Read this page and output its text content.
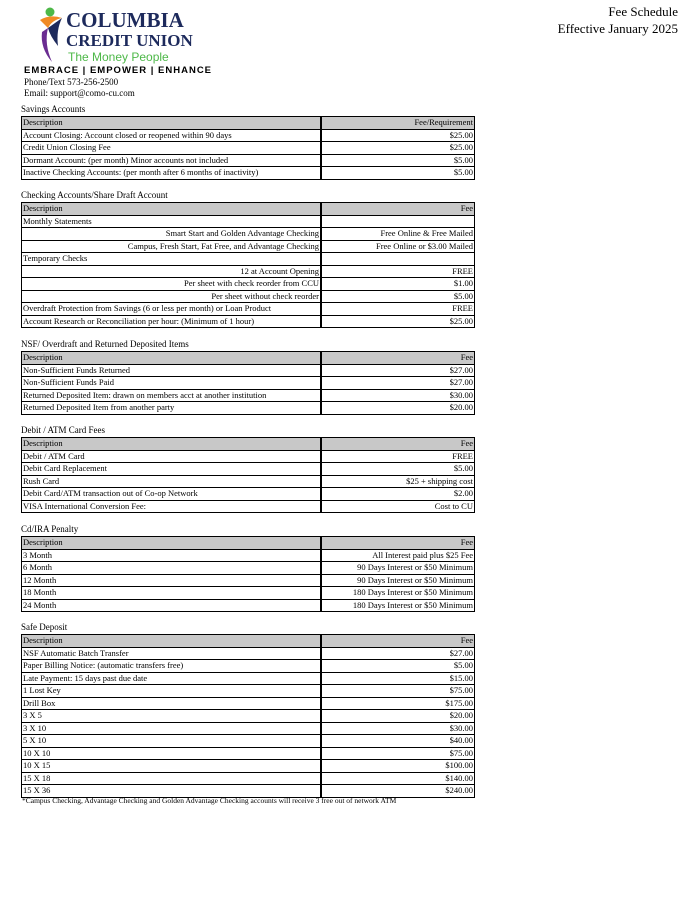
COLUMBIA
CREDIT UNION
The Money People
EMBRACE | EMPOWER | ENHANCE
Phone/Text 573-256-2500
Email: support@como-cu.com
Fee Schedule
Effective January 2025
Savings Accounts
Description	Fee/Requirement
Account Closing: Account closed or reopened within 90 days	$25.00
Credit Union Closing Fee	$25.00
Dormant Account: (per month) Minor accounts not included	$5.00
Inactive Checking Accounts: (per month after 6 months of inactivity)	$5.00
Checking Accounts/Share Draft Account
Description	Fee
Monthly Statements	
Smart Start and Golden Advantage Checking	Free Online & Free Mailed
Campus, Fresh Start, Fat Free, and Advantage Checking	Free Online or $3.00 Mailed
Temporary Checks	
12 at Account Opening	FREE
Per sheet with check reorder from CCU	$1.00
Per sheet without check reorder	$5.00
Overdraft Protection from Savings (6 or less per month) or Loan Product	FREE
Account Research or Reconciliation per hour: (Minimum of 1 hour)	$25.00
NSF/ Overdraft and Returned Deposited Items
Description	Fee
Non-Sufficient Funds Returned	$27.00
Non-Sufficient Funds Paid	$27.00
Returned Deposited Item: drawn on members acct at another institution	$30.00
Returned Deposited Item from another party	$20.00
Debit / ATM Card Fees
Description	Fee
Debit / ATM Card	FREE
Debit Card Replacement	$5.00
Rush Card	$25 + shipping cost
Debit Card/ATM transaction out of Co-op Network	$2.00
VISA International Conversion Fee:	Cost to CU
Cd/IRA Penalty
Description	Fee
3 Month	All Interest paid plus $25 Fee
6 Month	90 Days Interest or $50 Minimum
12 Month	90 Days Interest or $50 Minimum
18 Month	180 Days Interest or $50 Minimum
24 Month	180 Days Interest or $50 Minimum
Safe Deposit
Description	Fee
NSF Automatic Batch Transfer	$27.00
Paper Billing Notice: (automatic transfers free)	$5.00
Late Payment: 15 days past due date	$15.00
1 Lost Key	$75.00
Drill Box	$175.00
3 X 5	$20.00
3 X 10	$30.00
5 X 10	$40.00
10 X 10	$75.00
10 X 15	$100.00
15 X 18	$140.00
15 X 36	$240.00
*Campus Checking, Advantage Checking and Golden Advantage Checking accounts will receive 3 free out of network ATM
